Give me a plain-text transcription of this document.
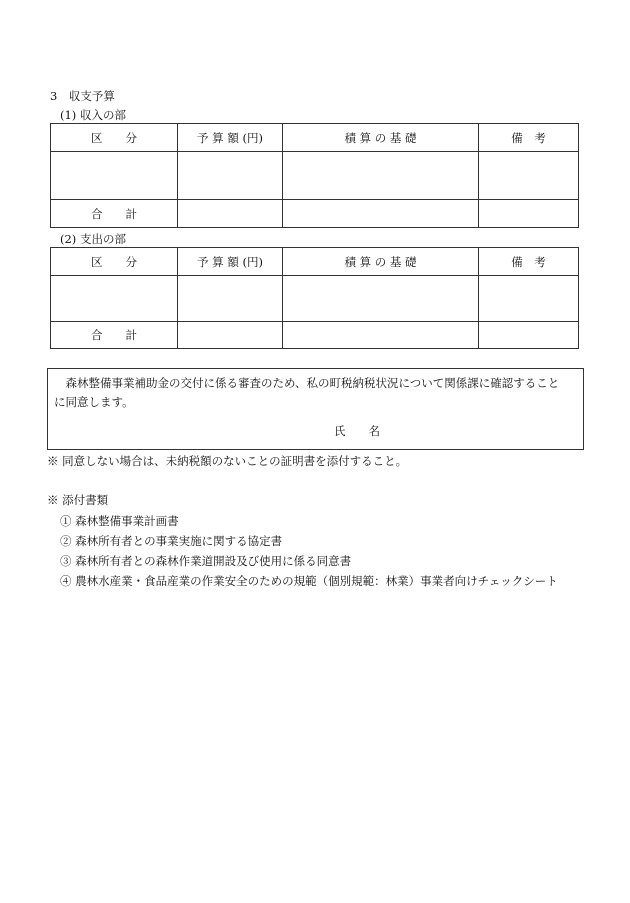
3　収支予算
(1) 収入の部
区　　分	予 算 額 (円)	積 算 の 基 礎	備　考

合　　計			
(2) 支出の部
区　　分	予 算 額 (円)	積 算 の 基 礎	備　考

合　　計			
　森林整備事業補助金の交付に係る審査のため、私の町税納税状況について関係課に確認すること
に同意します。
氏　　名
※ 同意しない場合は、未納税額のないことの証明書を添付すること。
※ 添付書類
① 森林整備事業計画書
② 森林所有者との事業実施に関する協定書
③ 森林所有者との森林作業道開設及び使用に係る同意書
④ 農林水産業・食品産業の作業安全のための規範（個別規範：林業）事業者向けチェックシート
